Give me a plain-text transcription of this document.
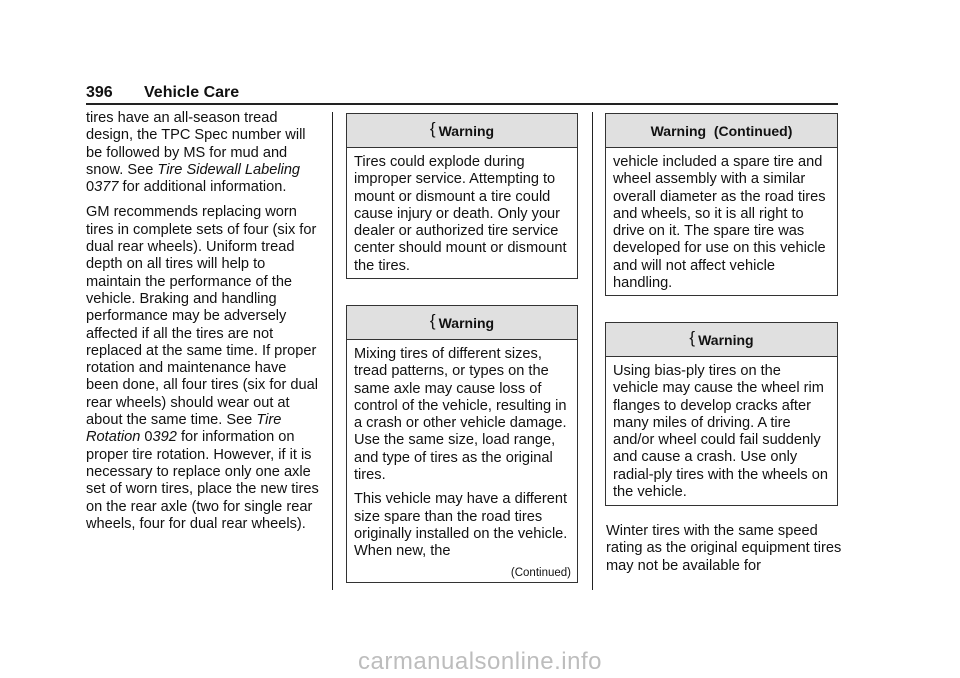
396 Vehicle Care

tires have an all-season tread design, the TPC Spec number will be followed by MS for mud and snow. See Tire Sidewall Labeling 0377 for additional information.

GM recommends replacing worn tires in complete sets of four (six for dual rear wheels). Uniform tread depth on all tires will help to maintain the performance of the vehicle. Braking and handling performance may be adversely affected if all the tires are not replaced at the same time. If proper rotation and maintenance have been done, all four tires (six for dual rear wheels) should wear out at about the same time. See Tire Rotation 0392 for information on proper tire rotation. However, if it is necessary to replace only one axle set of worn tires, place the new tires on the rear axle (two for single rear wheels, four for dual rear wheels).

{ Warning

Tires could explode during improper service. Attempting to mount or dismount a tire could cause injury or death. Only your dealer or authorized tire service center should mount or dismount the tires.

{ Warning

Mixing tires of different sizes, tread patterns, or types on the same axle may cause loss of control of the vehicle, resulting in a crash or other vehicle damage. Use the same size, load range, and type of tires as the original tires.

This vehicle may have a different size spare than the road tires originally installed on the vehicle. When new, the

(Continued)
Warning  (Continued)

vehicle included a spare tire and wheel assembly with a similar overall diameter as the road tires and wheels, so it is all right to drive on it. The spare tire was developed for use on this vehicle and will not affect vehicle handling.

{ Warning

Using bias-ply tires on the vehicle may cause the wheel rim flanges to develop cracks after many miles of driving. A tire and/or wheel could fail suddenly and cause a crash. Use only radial-ply tires with the wheels on the vehicle.

Winter tires with the same speed rating as the original equipment tires may not be available for

carmanualsonline.info
